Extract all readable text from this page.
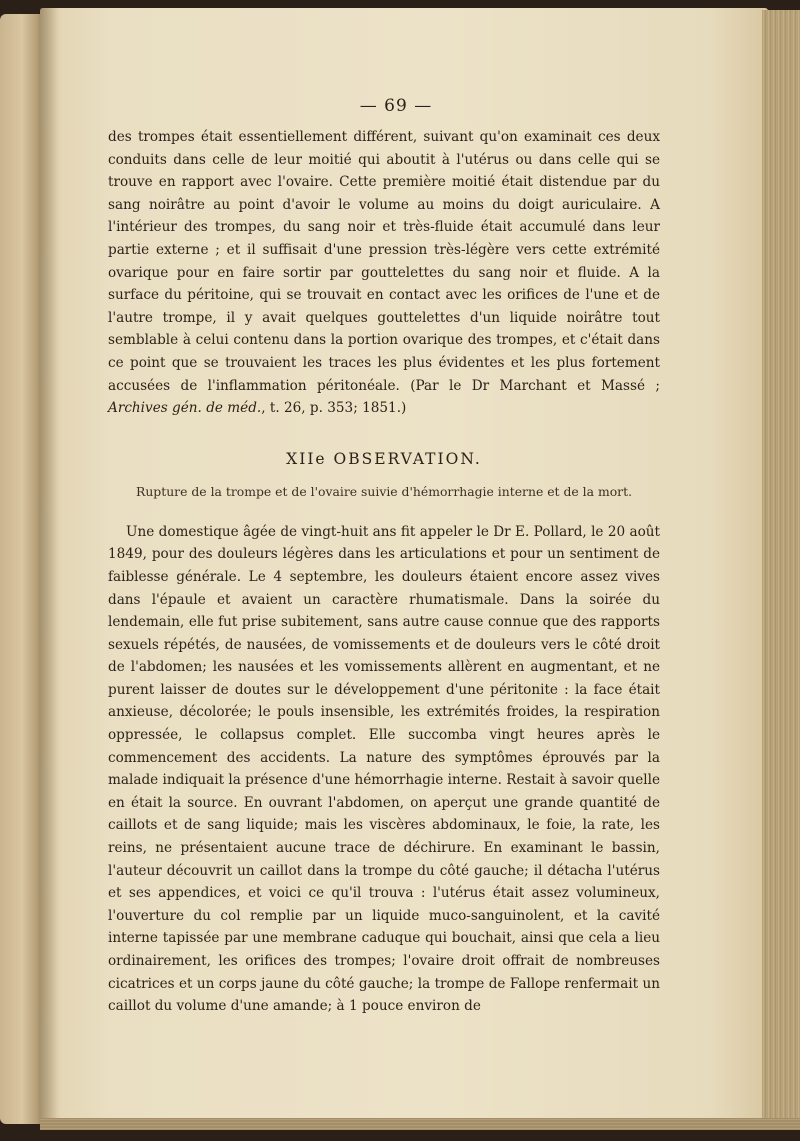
— 69 —

des trompes était essentiellement différent, suivant qu'on examinait ces deux conduits dans celle de leur moitié qui aboutit à l'utérus ou dans celle qui se trouve en rapport avec l'ovaire. Cette première moitié était distendue par du sang noirâtre au point d'avoir le volume au moins du doigt auriculaire. A l'intérieur des trompes, du sang noir et très-fluide était accumulé dans leur partie externe ; et il suffisait d'une pression très-légère vers cette extrémité ovarique pour en faire sortir par gouttelettes du sang noir et fluide. A la surface du péritoine, qui se trouvait en contact avec les orifices de l'une et de l'autre trompe, il y avait quelques gouttelettes d'un liquide noirâtre tout semblable à celui contenu dans la portion ovarique des trompes, et c'était dans ce point que se trouvaient les traces les plus évidentes et les plus fortement accusées de l'inflammation péritonéale. (Par le Dr Marchant et Massé ; Archives gén. de méd., t. 26, p. 353; 1851.)

XIIe OBSERVATION.
Rupture de la trompe et de l'ovaire suivie d'hémorrhagie interne et de la mort.

Une domestique âgée de vingt-huit ans fit appeler le Dr E. Pollard, le 20 août 1849, pour des douleurs légères dans les articulations et pour un sentiment de faiblesse générale. Le 4 septembre, les douleurs étaient encore assez vives dans l'épaule et avaient un caractère rhumatismale. Dans la soirée du lendemain, elle fut prise subitement, sans autre cause connue que des rapports sexuels répétés, de nausées, de vomissements et de douleurs vers le côté droit de l'abdomen; les nausées et les vomissements allèrent en augmentant, et ne purent laisser de doutes sur le développement d'une péritonite : la face était anxieuse, décolorée; le pouls insensible, les extrémités froides, la respiration oppressée, le collapsus complet. Elle succomba vingt heures après le commencement des accidents. La nature des symptômes éprouvés par la malade indiquait la présence d'une hémorrhagie interne. Restait à savoir quelle en était la source. En ouvrant l'abdomen, on aperçut une grande quantité de caillots et de sang liquide; mais les viscères abdominaux, le foie, la rate, les reins, ne présentaient aucune trace de déchirure. En examinant le bassin, l'auteur découvrit un caillot dans la trompe du côté gauche; il détacha l'utérus et ses appendices, et voici ce qu'il trouva : l'utérus était assez volumineux, l'ouverture du col remplie par un liquide muco-sanguinolent, et la cavité interne tapissée par une membrane caduque qui bouchait, ainsi que cela a lieu ordinairement, les orifices des trompes; l'ovaire droit offrait de nombreuses cicatrices et un corps jaune du côté gauche; la trompe de Fallope renfermait un caillot du volume d'une amande; à 1 pouce environ de
